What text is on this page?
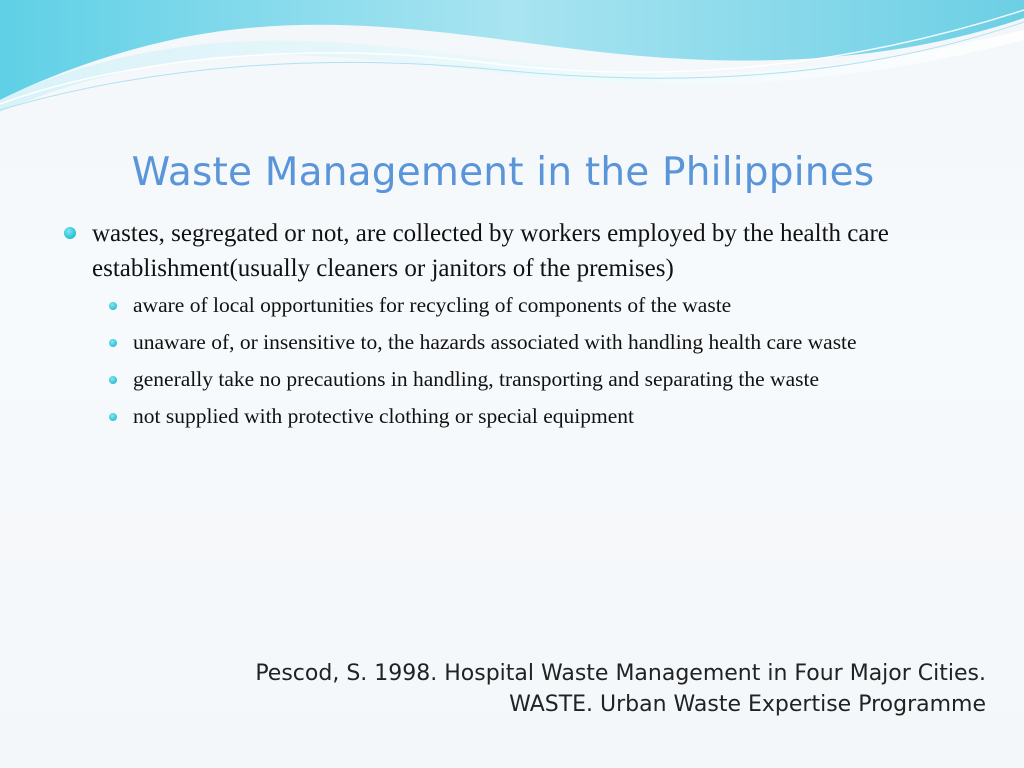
Waste Management in the Philippines
wastes, segregated or not, are collected by workers employed by the health care establishment(usually cleaners or janitors of the premises)
aware of local opportunities for recycling of components of the waste
unaware of, or insensitive to, the hazards associated with handling health care waste
generally take no precautions in handling, transporting and separating the waste
not supplied with protective clothing or special equipment
Pescod, S. 1998. Hospital Waste Management in Four Major Cities.
WASTE. Urban Waste Expertise Programme
